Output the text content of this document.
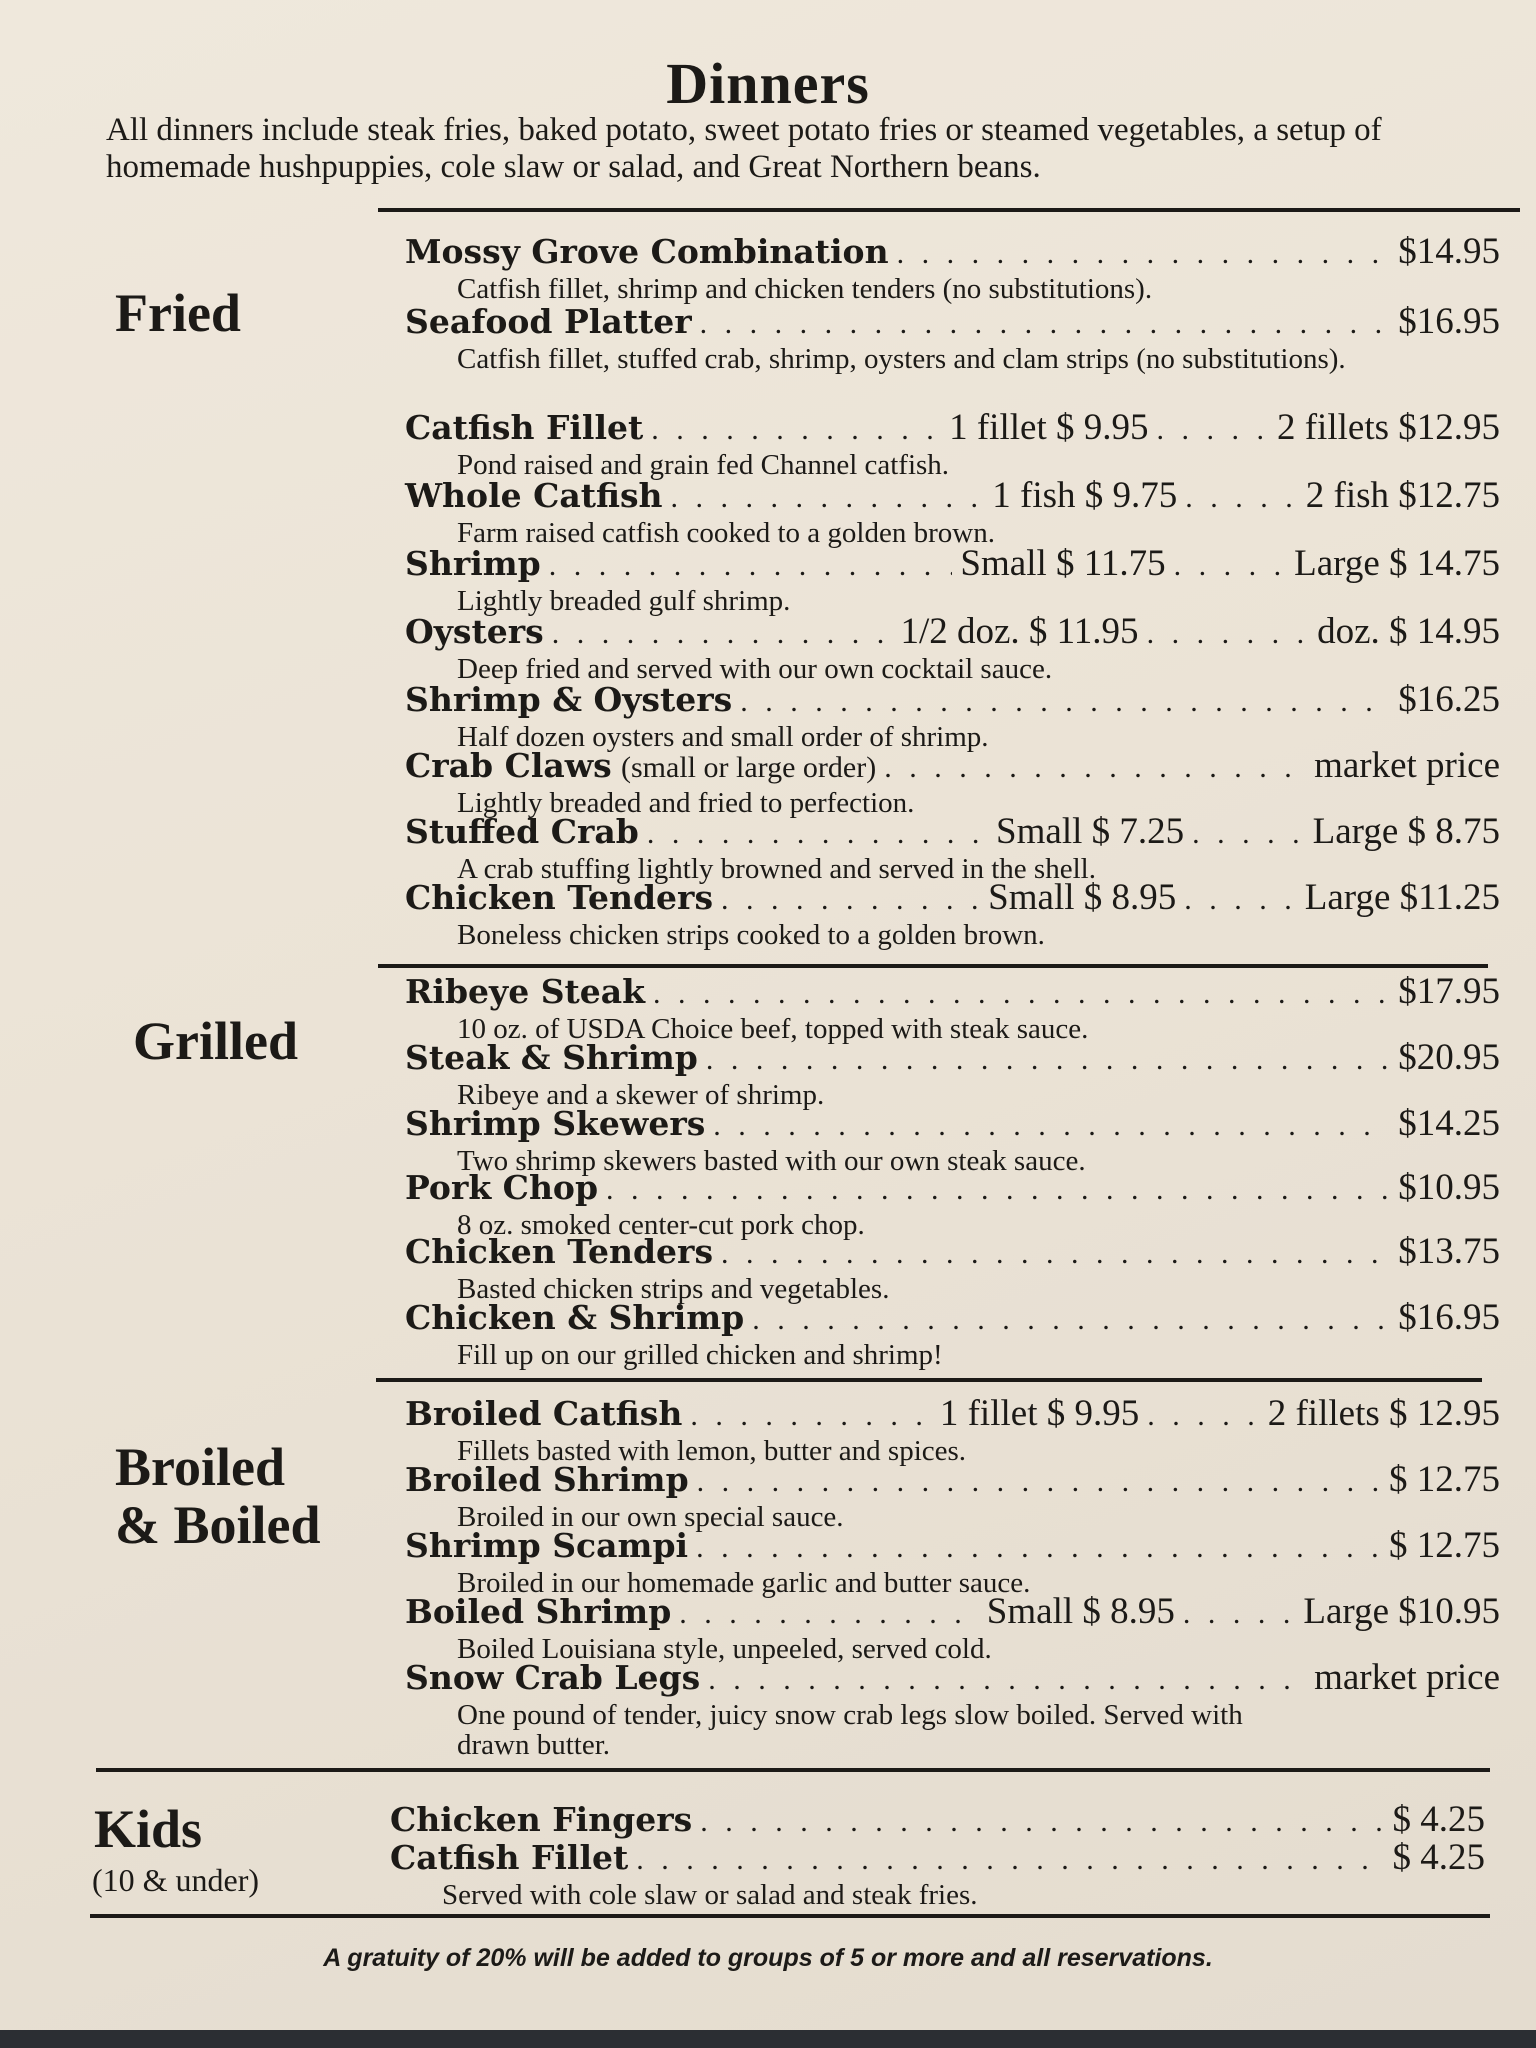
Dinners
All dinners include steak fries, baked potato, sweet potato fries or steamed vegetables, a setup of homemade hushpuppies, cole slaw or salad, and Great Northern beans.
Fried
Mossy Grove Combination . . .	$14.95
Catfish fillet, shrimp and chicken tenders (no substitutions).
Seafood Platter . . .	$16.95
Catfish fillet, stuffed crab, shrimp, oysters and clam strips (no substitutions).
Catfish Fillet . . .	1 fillet $ 9.95 . . .	2 fillets $12.95
Pond raised and grain fed Channel catfish.
Whole Catfish . . .	1 fish $ 9.75 . . .	2 fish $12.75
Farm raised catfish cooked to a golden brown.
Shrimp . . .	Small $ 11.75 . . .	Large $ 14.75
Lightly breaded gulf shrimp.
Oysters . . .	1/2 doz. $ 11.95 . . .	doz. $ 14.95
Deep fried and served with our own cocktail sauce.
Shrimp & Oysters . . .	$16.25
Half dozen oysters and small order of shrimp.
Crab Claws
(small or large order) . . .	market price
Lightly breaded and fried to perfection.
Stuffed Crab . . .	Small $ 7.25 . . .	Large $ 8.75
A crab stuffing lightly browned and served in the shell.
Chicken Tenders . . .	Small $ 8.95 . . .	Large $11.25
Boneless chicken strips cooked to a golden brown.
Grilled
Ribeye Steak . . .	$17.95
10 oz. of USDA Choice beef, topped with steak sauce.
Steak & Shrimp . . .	$20.95
Ribeye and a skewer of shrimp.
Shrimp Skewers . . .	$14.25
Two shrimp skewers basted with our own steak sauce.
Pork Chop . . .	$10.95
8 oz. smoked center-cut pork chop.
Chicken Tenders . . .	$13.75
Basted chicken strips and vegetables.
Chicken & Shrimp . . .	$16.95
Fill up on our grilled chicken and shrimp!
Broiled
& Boiled
Broiled Catfish . . .	1 fillet $ 9.95 . . .	2 fillets $ 12.95
Fillets basted with lemon, butter and spices.
Broiled Shrimp . . .	$ 12.75
Broiled in our own special sauce.
Shrimp Scampi . . .	$ 12.75
Broiled in our homemade garlic and butter sauce.
Boiled Shrimp . . .	Small $ 8.95 . . .	Large $10.95
Boiled Louisiana style, unpeeled, served cold.
Snow Crab Legs . . .	market price
One pound of tender, juicy snow crab legs slow boiled. Served with drawn butter.
Kids
(10 & under)
Chicken Fingers . . .	$ 4.25
Catfish Fillet . . .	$ 4.25
Served with cole slaw or salad and steak fries.
A gratuity of 20% will be added to groups of 5 or more and all reservations.
